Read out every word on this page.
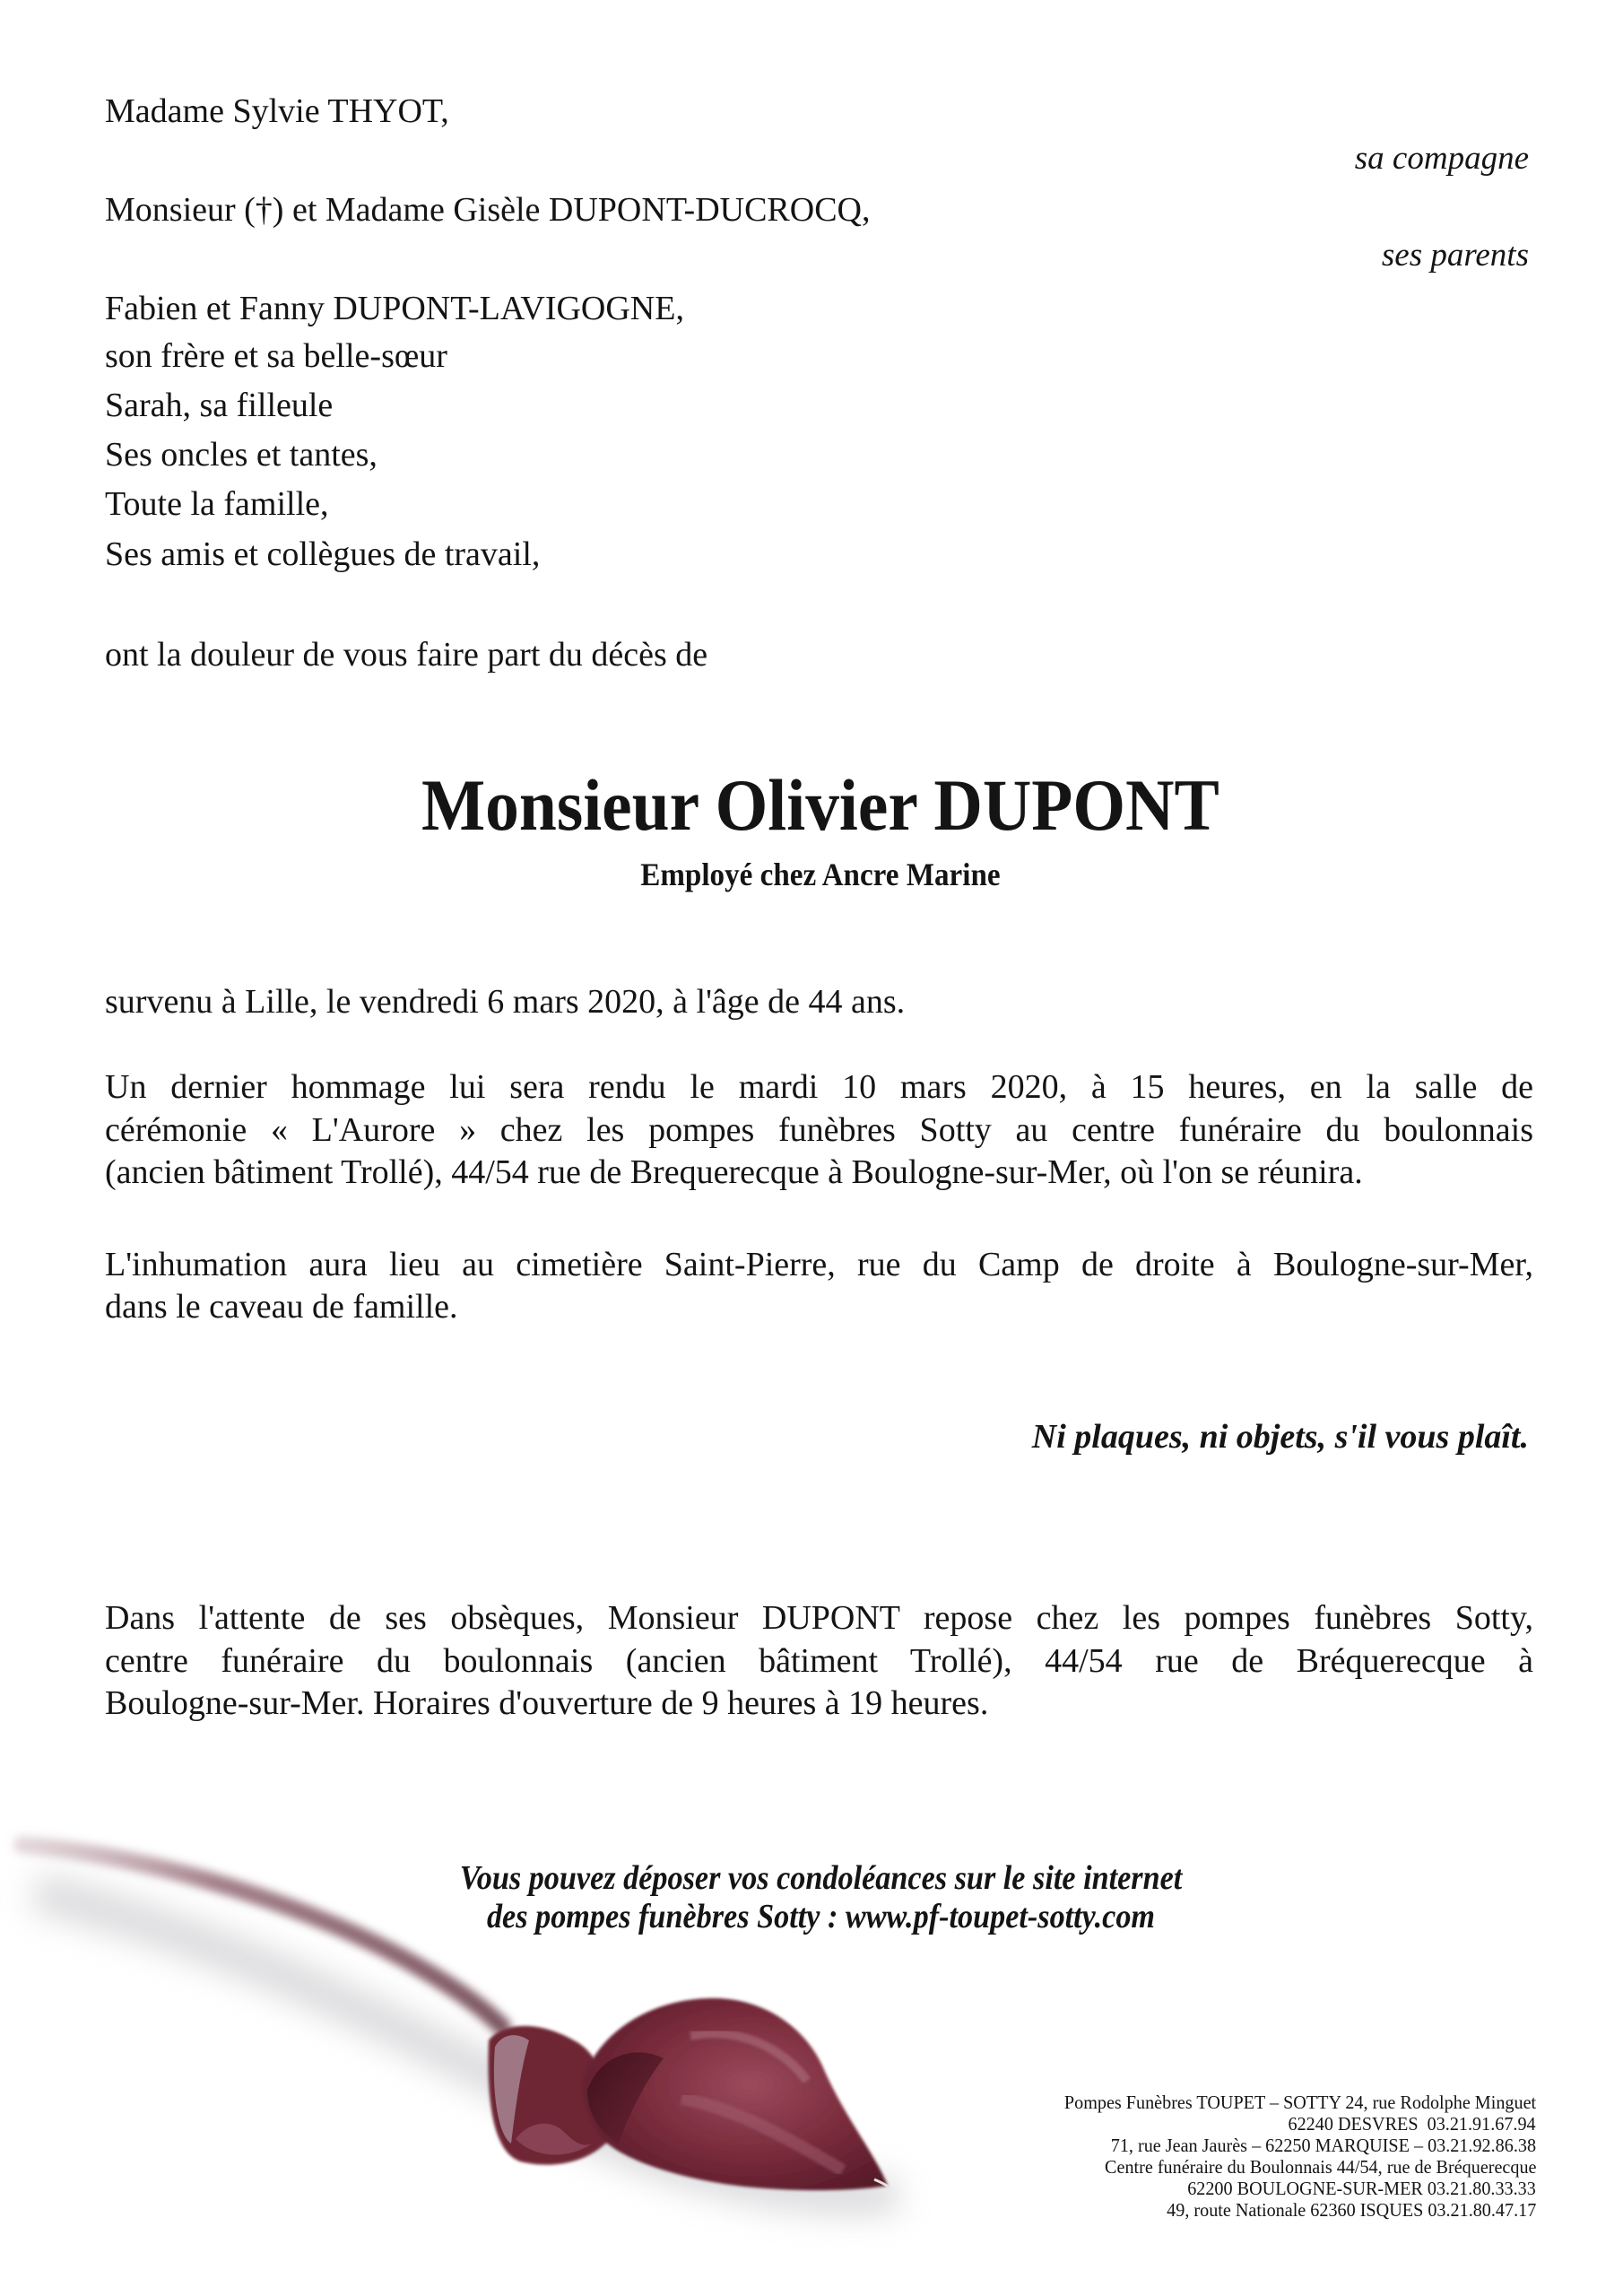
Madame Sylvie THYOT,
sa compagne
Monsieur (†) et Madame Gisèle DUPONT-DUCROCQ,
ses parents
Fabien et Fanny DUPONT-LAVIGOGNE,
son frère et sa belle-sœur
Sarah, sa filleule
Ses oncles et tantes,
Toute la famille,
Ses amis et collègues de travail,
ont la douleur de vous faire part du décès de
Monsieur Olivier DUPONT
Employé chez Ancre Marine
survenu à Lille, le vendredi 6 mars 2020, à l'âge de 44 ans.
Un dernier hommage lui sera rendu le mardi 10 mars 2020, à 15 heures, en la salle de
cérémonie « L'Aurore » chez les pompes funèbres Sotty au centre funéraire du boulonnais
(ancien bâtiment Trollé), 44/54 rue de Brequerecque à Boulogne-sur-Mer, où l'on se réunira.
L'inhumation aura lieu au cimetière Saint-Pierre, rue du Camp de droite à Boulogne-sur-Mer,
dans le caveau de famille.
Ni plaques, ni objets, s'il vous plaît.
Dans l'attente de ses obsèques, Monsieur DUPONT repose chez les pompes funèbres Sotty,
centre funéraire du boulonnais (ancien bâtiment Trollé), 44/54 rue de Bréquerecque à
Boulogne-sur-Mer. Horaires d'ouverture de 9 heures à 19 heures.
Vous pouvez déposer vos condoléances sur le site internet
des pompes funèbres Sotty : www.pf-toupet-sotty.com
Pompes Funèbres TOUPET – SOTTY 24, rue Rodolphe Minguet
62240 DESVRES  03.21.91.67.94
71, rue Jean Jaurès – 62250 MARQUISE – 03.21.92.86.38
Centre funéraire du Boulonnais 44/54, rue de Bréquerecque
62200 BOULOGNE-SUR-MER 03.21.80.33.33
49, route Nationale 62360 ISQUES 03.21.80.47.17
